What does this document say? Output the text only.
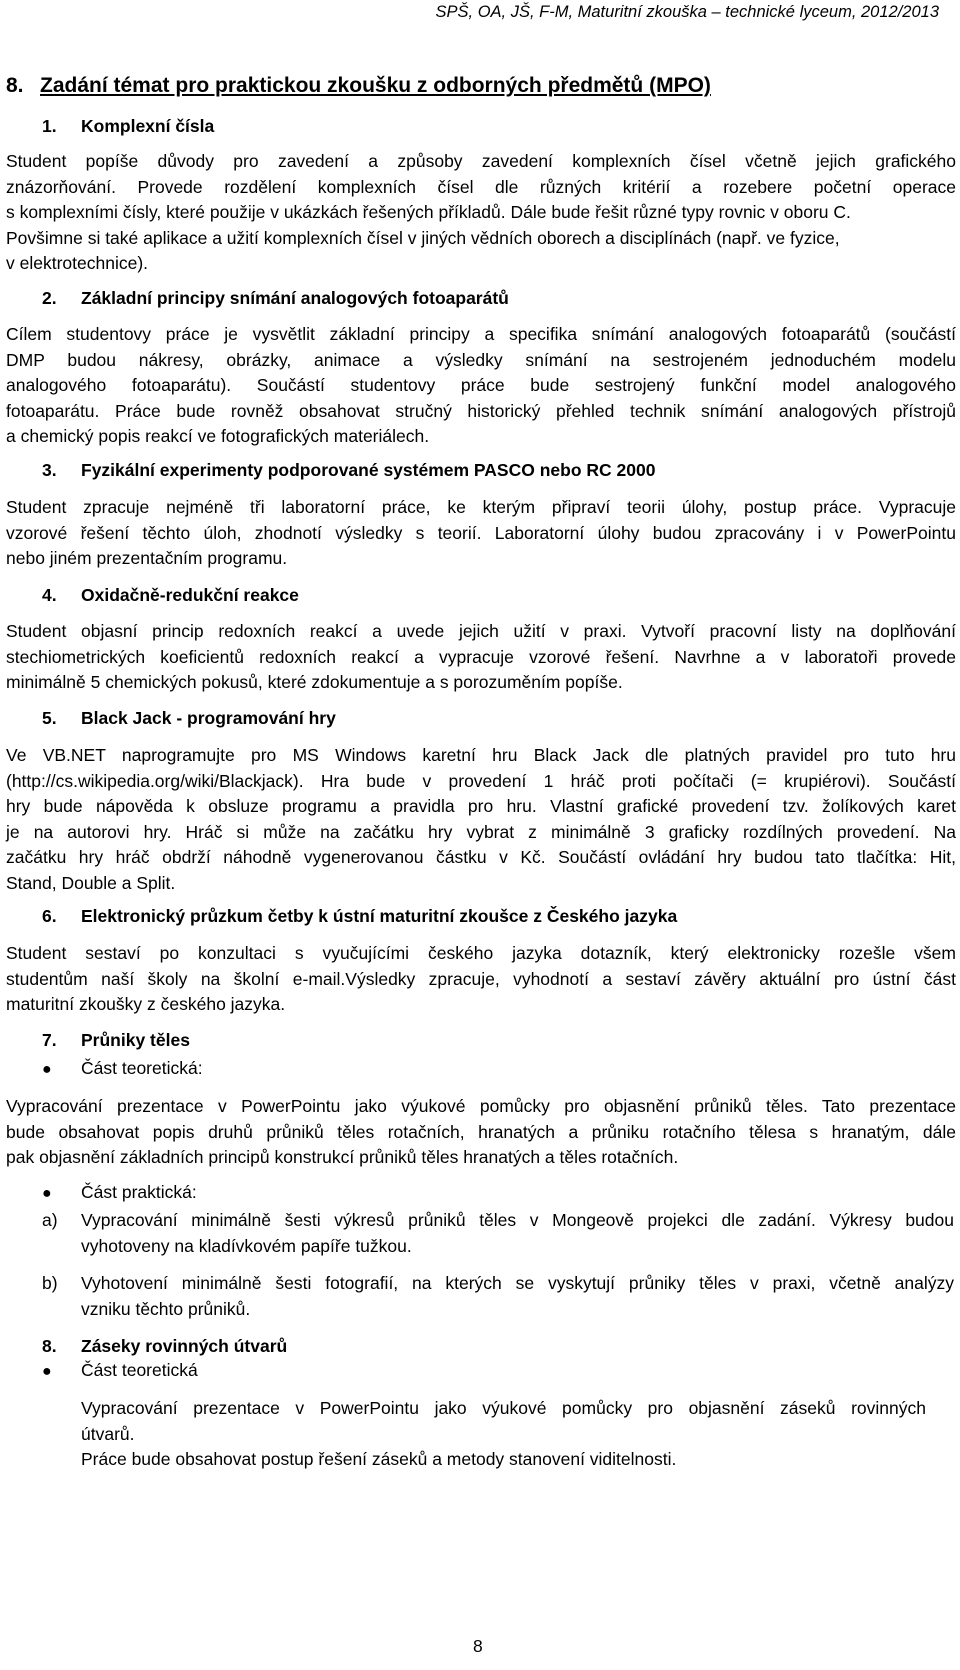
SPŠ, OA, JŠ, F-M, Maturitní zkouška – technické lyceum, 2012/2013
8. Zadání témat pro praktickou zkoušku z odborných předmětů (MPO)
1. Komplexní čísla
Student popíše důvody pro zavedení a způsoby zavedení komplexních čísel včetně jejich grafického
znázorňování. Provede rozdělení komplexních čísel dle různých kritérií a rozebere početní operace
s komplexními čísly, které použije v ukázkách řešených příkladů. Dále bude řešit různé typy rovnic v oboru C.
Povšimne si také aplikace a užití komplexních čísel v jiných vědních oborech a disciplínách (např. ve fyzice,
v elektrotechnice).
2. Základní principy snímání analogových fotoaparátů
Cílem studentovy práce je vysvětlit základní principy a specifika snímání analogových fotoaparátů (součástí
DMP budou nákresy, obrázky, animace a výsledky snímání na sestrojeném jednoduchém modelu
analogového fotoaparátu). Součástí studentovy práce bude sestrojený funkční model analogového
fotoaparátu. Práce bude rovněž obsahovat stručný historický přehled technik snímání analogových přístrojů
a chemický popis reakcí ve fotografických materiálech.
3. Fyzikální experimenty podporované systémem PASCO nebo RC 2000
Student zpracuje nejméně tři laboratorní práce, ke kterým připraví teorii úlohy, postup práce. Vypracuje
vzorové řešení těchto úloh, zhodnotí výsledky s teorií. Laboratorní úlohy budou zpracovány i v PowerPointu
nebo jiném prezentačním programu.
4. Oxidačně-redukční reakce
Student objasní princip redoxních reakcí a uvede jejich užití v praxi. Vytvoří pracovní listy na doplňování
stechiometrických koeficientů redoxních reakcí a vypracuje vzorové řešení. Navrhne a v laboratoři provede
minimálně 5 chemických pokusů, které zdokumentuje a s porozuměním popíše.
5. Black Jack - programování hry
Ve VB.NET naprogramujte pro MS Windows karetní hru Black Jack dle platných pravidel pro tuto hru
(http://cs.wikipedia.org/wiki/Blackjack). Hra bude v provedení 1 hráč proti počítači (= krupiérovi). Součástí
hry bude nápověda k obsluze programu a pravidla pro hru. Vlastní grafické provedení tzv. žolíkových karet
je na autorovi hry. Hráč si může na začátku hry vybrat z minimálně 3 graficky rozdílných provedení. Na
začátku hry hráč obdrží náhodně vygenerovanou částku v Kč. Součástí ovládání hry budou tato tlačítka: Hit,
Stand, Double a Split.
6. Elektronický průzkum četby k ústní maturitní zkoušce z Českého jazyka
Student sestaví po konzultaci s vyučujícími českého jazyka dotazník, který elektronicky rozešle všem
studentům naší školy na školní e-mail.Výsledky zpracuje, vyhodnotí a sestaví závěry aktuální pro ústní část
maturitní zkoušky z českého jazyka.
7. Průniky těles
● Část teoretická:
Vypracování prezentace v PowerPointu jako výukové pomůcky pro objasnění průniků těles. Tato prezentace
bude obsahovat popis druhů průniků těles rotačních, hranatých a průniku rotačního tělesa s hranatým, dále
pak objasnění základních principů konstrukcí průniků těles hranatých a těles rotačních.
● Část praktická:
a) Vypracování minimálně šesti výkresů průniků těles v Mongeově projekci dle zadání. Výkresy budou
vyhotoveny na kladívkovém papíře tužkou.
b) Vyhotovení minimálně šesti fotografií, na kterých se vyskytují průniky těles v praxi, včetně analýzy
vzniku těchto průniků.
8. Záseky rovinných útvarů
● Část teoretická
Vypracování prezentace v PowerPointu jako výukové pomůcky pro objasnění záseků rovinných
útvarů.
Práce bude obsahovat postup řešení záseků a metody stanovení viditelnosti.
8
